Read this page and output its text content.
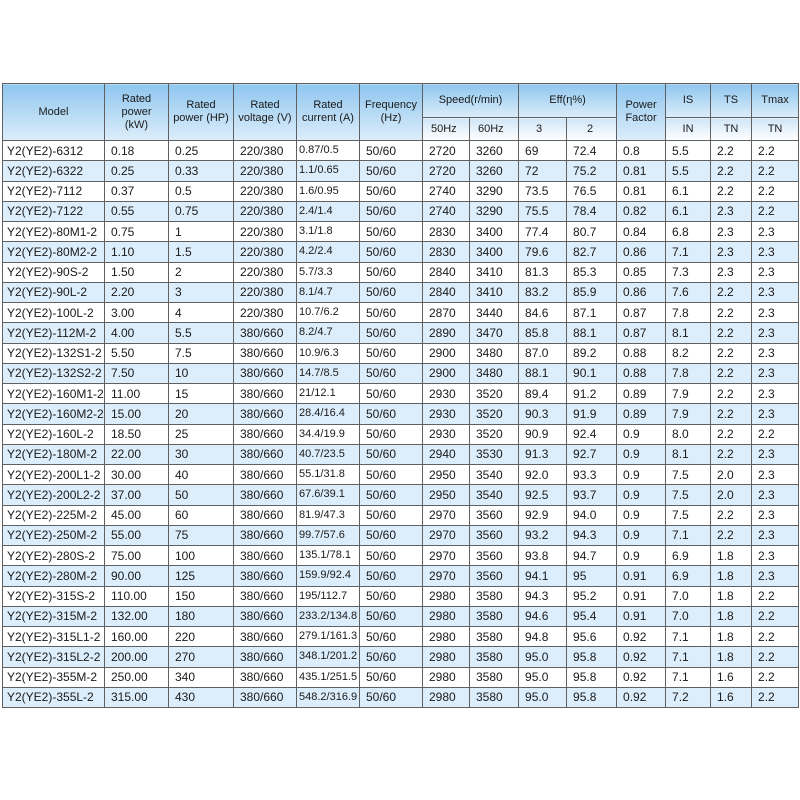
Model	Rated power (kW)	Rated power (HP)	Rated voltage (V)	Rated current (A)	Frequency (Hz)	Speed(r/min)		Eff(η%)		Power Factor	IS	TS	Tmax
						50Hz	60Hz	3	2		IN	TN	TN
Y2(YE2)-6312	0.18	0.25	220/380	0.87/0.5	50/60	2720	3260	69	72.4	0.8	5.5	2.2	2.2
Y2(YE2)-6322	0.25	0.33	220/380	1.1/0.65	50/60	2720	3260	72	75.2	0.81	5.5	2.2	2.2
Y2(YE2)-7112	0.37	0.5	220/380	1.6/0.95	50/60	2740	3290	73.5	76.5	0.81	6.1	2.2	2.2
Y2(YE2)-7122	0.55	0.75	220/380	2.4/1.4	50/60	2740	3290	75.5	78.4	0.82	6.1	2.3	2.2
Y2(YE2)-80M1-2	0.75	1	220/380	3.1/1.8	50/60	2830	3400	77.4	80.7	0.84	6.8	2.3	2.3
Y2(YE2)-80M2-2	1.10	1.5	220/380	4.2/2.4	50/60	2830	3400	79.6	82.7	0.86	7.1	2.3	2.3
Y2(YE2)-90S-2	1.50	2	220/380	5.7/3.3	50/60	2840	3410	81.3	85.3	0.85	7.3	2.3	2.3
Y2(YE2)-90L-2	2.20	3	220/380	8.1/4.7	50/60	2840	3410	83.2	85.9	0.86	7.6	2.2	2.3
Y2(YE2)-100L-2	3.00	4	220/380	10.7/6.2	50/60	2870	3440	84.6	87.1	0.87	7.8	2.2	2.3
Y2(YE2)-112M-2	4.00	5.5	380/660	8.2/4.7	50/60	2890	3470	85.8	88.1	0.87	8.1	2.2	2.3
Y2(YE2)-132S1-2	5.50	7.5	380/660	10.9/6.3	50/60	2900	3480	87.0	89.2	0.88	8.2	2.2	2.3
Y2(YE2)-132S2-2	7.50	10	380/660	14.7/8.5	50/60	2900	3480	88.1	90.1	0.88	7.8	2.2	2.3
Y2(YE2)-160M1-2	11.00	15	380/660	21/12.1	50/60	2930	3520	89.4	91.2	0.89	7.9	2.2	2.3
Y2(YE2)-160M2-2	15.00	20	380/660	28.4/16.4	50/60	2930	3520	90.3	91.9	0.89	7.9	2.2	2.3
Y2(YE2)-160L-2	18.50	25	380/660	34.4/19.9	50/60	2930	3520	90.9	92.4	0.9	8.0	2.2	2.2
Y2(YE2)-180M-2	22.00	30	380/660	40.7/23.5	50/60	2940	3530	91.3	92.7	0.9	8.1	2.2	2.3
Y2(YE2)-200L1-2	30.00	40	380/660	55.1/31.8	50/60	2950	3540	92.0	93.3	0.9	7.5	2.0	2.3
Y2(YE2)-200L2-2	37.00	50	380/660	67.6/39.1	50/60	2950	3540	92.5	93.7	0.9	7.5	2.0	2.3
Y2(YE2)-225M-2	45.00	60	380/660	81.9/47.3	50/60	2970	3560	92.9	94.0	0.9	7.5	2.2	2.3
Y2(YE2)-250M-2	55.00	75	380/660	99.7/57.6	50/60	2970	3560	93.2	94.3	0.9	7.1	2.2	2.3
Y2(YE2)-280S-2	75.00	100	380/660	135.1/78.1	50/60	2970	3560	93.8	94.7	0.9	6.9	1.8	2.3
Y2(YE2)-280M-2	90.00	125	380/660	159.9/92.4	50/60	2970	3560	94.1	95	0.91	6.9	1.8	2.3
Y2(YE2)-315S-2	110.00	150	380/660	195/112.7	50/60	2980	3580	94.3	95.2	0.91	7.0	1.8	2.2
Y2(YE2)-315M-2	132.00	180	380/660	233.2/134.8	50/60	2980	3580	94.6	95.4	0.91	7.0	1.8	2.2
Y2(YE2)-315L1-2	160.00	220	380/660	279.1/161.3	50/60	2980	3580	94.8	95.6	0.92	7.1	1.8	2.2
Y2(YE2)-315L2-2	200.00	270	380/660	348.1/201.2	50/60	2980	3580	95.0	95.8	0.92	7.1	1.8	2.2
Y2(YE2)-355M-2	250.00	340	380/660	435.1/251.5	50/60	2980	3580	95.0	95.8	0.92	7.1	1.6	2.2
Y2(YE2)-355L-2	315.00	430	380/660	548.2/316.9	50/60	2980	3580	95.0	95.8	0.92	7.2	1.6	2.2
